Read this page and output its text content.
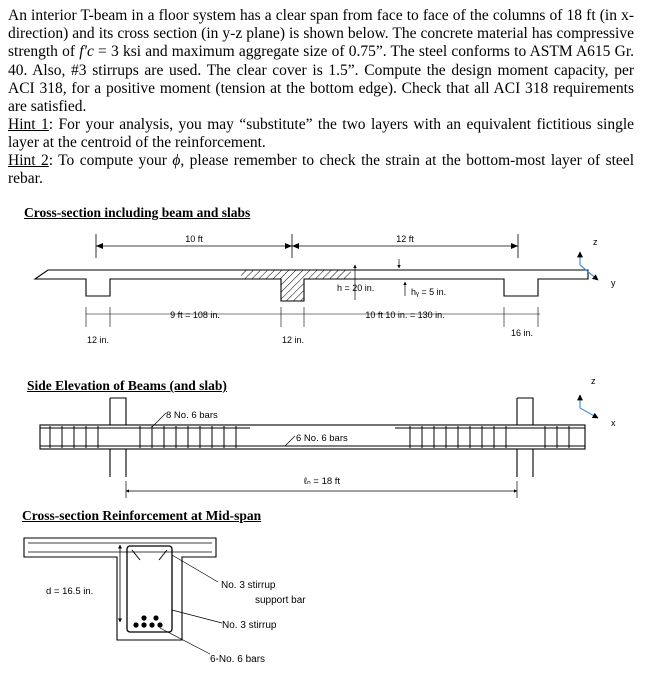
An interior T-beam in a floor system has a clear span from face to face of the columns of 18 ft (in x-direction) and its cross section (in y-z plane) is shown below. The concrete material has compressive strength of f′c = 3 ksi and maximum aggregate size of 0.75”. The steel conforms to ASTM A615 Gr. 40. Also, #3 stirrups are used. The clear cover is 1.5”. Compute the design moment capacity, per ACI 318, for a positive moment (tension at the bottom edge). Check that all ACI 318 requirements are satisfied.
Hint 1: For your analysis, you may “substitute” the two layers with an equivalent fictitious single layer at the centroid of the reinforcement.
Hint 2: To compute your ϕ, please remember to check the strain at the bottom-most layer of steel rebar.
Cross-section including beam and slabs
Side Elevation of Beams (and slab)
Cross-section Reinforcement at Mid-span
10 ft	12 ft
h = 20 in.	hᵧ = 5 in.
9 ft = 108 in.	10 ft 10 in. = 130 in.
12 in.	12 in.
16 in.
z
y
8 No. 6 bars
6 No. 6 bars
ℓₙ = 18 ft
z
x
d = 16.5 in.
No. 3 stirrup
support bar
No. 3 stirrup
6-No. 6 bars
